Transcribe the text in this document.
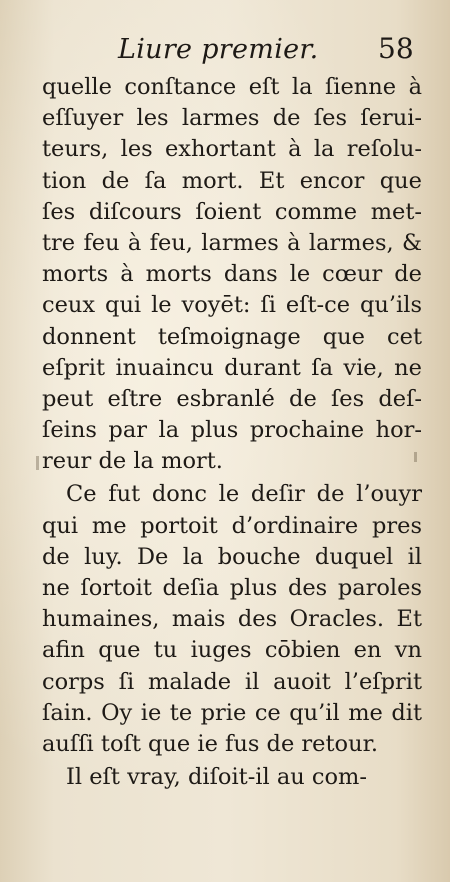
Liure premier. 58
quelle conſtance eſt la ſienne à
eſſuyer les larmes de ſes ſerui-
teurs, les exhortant à la reſolu-
tion de ſa mort. Et encor que
ſes diſcours ſoient comme met-
tre feu à feu, larmes à larmes, &
morts à morts dans le cœur de
ceux qui le voyēt: ſi eſt-ce qu’ils
donnent teſmoignage que cet
eſprit inuaincu durant ſa vie, ne
peut eſtre esbranlé de ſes deſ-
ſeins par la plus prochaine hor-
reur de la mort.
Ce fut donc le deſir de l’ouyr
qui me portoit d’ordinaire pres
de luy. De la bouche duquel il
ne ſortoit deſia plus des paroles
humaines, mais des Oracles. Et
afin que tu iuges cōbien en vn
corps ſi malade il auoit l’eſprit
ſain. Oy ie te prie ce qu’il me dit
auſſi toſt que ie fus de retour.
Il eſt vray, diſoit-il au com-
